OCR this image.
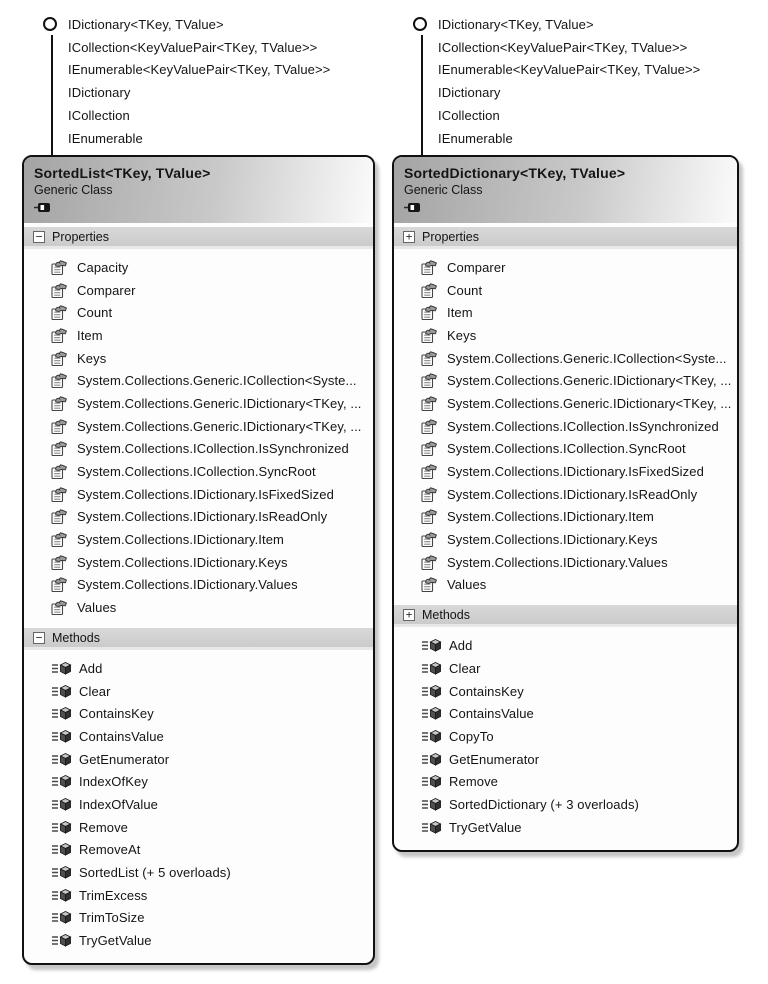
IDictionary<TKey, TValue>
ICollection<KeyValuePair<TKey, TValue>>
IEnumerable<KeyValuePair<TKey, TValue>>
IDictionary
ICollection
IEnumerable
SortedList<TKey, TValue>
Generic Class
− Properties
Capacity
Comparer
Count
Item
Keys
System.Collections.Generic.ICollection<Syste...
System.Collections.Generic.IDictionary<TKey, ...
System.Collections.Generic.IDictionary<TKey, ...
System.Collections.ICollection.IsSynchronized
System.Collections.ICollection.SyncRoot
System.Collections.IDictionary.IsFixedSized
System.Collections.IDictionary.IsReadOnly
System.Collections.IDictionary.Item
System.Collections.IDictionary.Keys
System.Collections.IDictionary.Values
Values
− Methods
Add
Clear
ContainsKey
ContainsValue
GetEnumerator
IndexOfKey
IndexOfValue
Remove
RemoveAt
SortedList (+ 5 overloads)
TrimExcess
TrimToSize
TryGetValue
IDictionary<TKey, TValue>
ICollection<KeyValuePair<TKey, TValue>>
IEnumerable<KeyValuePair<TKey, TValue>>
IDictionary
ICollection
IEnumerable
SortedDictionary<TKey, TValue>
Generic Class
+ Properties
Comparer
Count
Item
Keys
System.Collections.Generic.ICollection<Syste...
System.Collections.Generic.IDictionary<TKey, ...
System.Collections.Generic.IDictionary<TKey, ...
System.Collections.ICollection.IsSynchronized
System.Collections.ICollection.SyncRoot
System.Collections.IDictionary.IsFixedSized
System.Collections.IDictionary.IsReadOnly
System.Collections.IDictionary.Item
System.Collections.IDictionary.Keys
System.Collections.IDictionary.Values
Values
+ Methods
Add
Clear
ContainsKey
ContainsValue
CopyTo
GetEnumerator
Remove
SortedDictionary (+ 3 overloads)
TryGetValue
